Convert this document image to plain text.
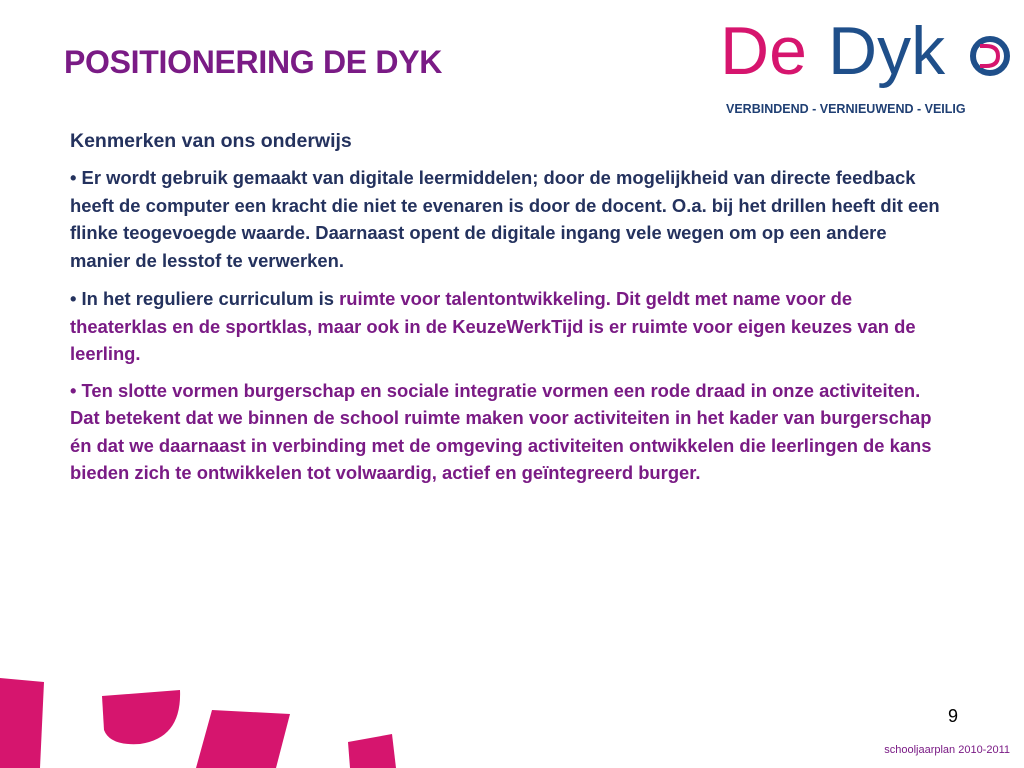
POSITIONERING DE DYK	De Dyk
VERBINDEND - VERNIEUWEND - VEILIG

Kenmerken van ons onderwijs

• Er wordt gebruik gemaakt van digitale leermiddelen; door de mogelijkheid van directe feedback heeft de computer een kracht die niet te evenaren is door de docent. O.a. bij het drillen heeft dit een flinke teogevoegde waarde. Daarnaast opent de digitale ingang vele wegen om op een andere manier de lesstof te verwerken.

• In het reguliere curriculum is ruimte voor talentontwikkeling. Dit geldt met name voor de theaterklas en de sportklas, maar ook in de KeuzeWerkTijd is er ruimte voor eigen keuzes van de leerling.

• Ten slotte vormen burgerschap en sociale integratie vormen een rode draad in onze activiteiten. Dat betekent dat we binnen de school ruimte maken voor activiteiten in het kader van burgerschap én dat we daarnaast in verbinding met de omgeving activiteiten ontwikkelen die leerlingen de kans bieden zich te ontwikkelen tot volwaardig, actief en geïntegreerd burger.

9
schooljaarplan 2010-2011
